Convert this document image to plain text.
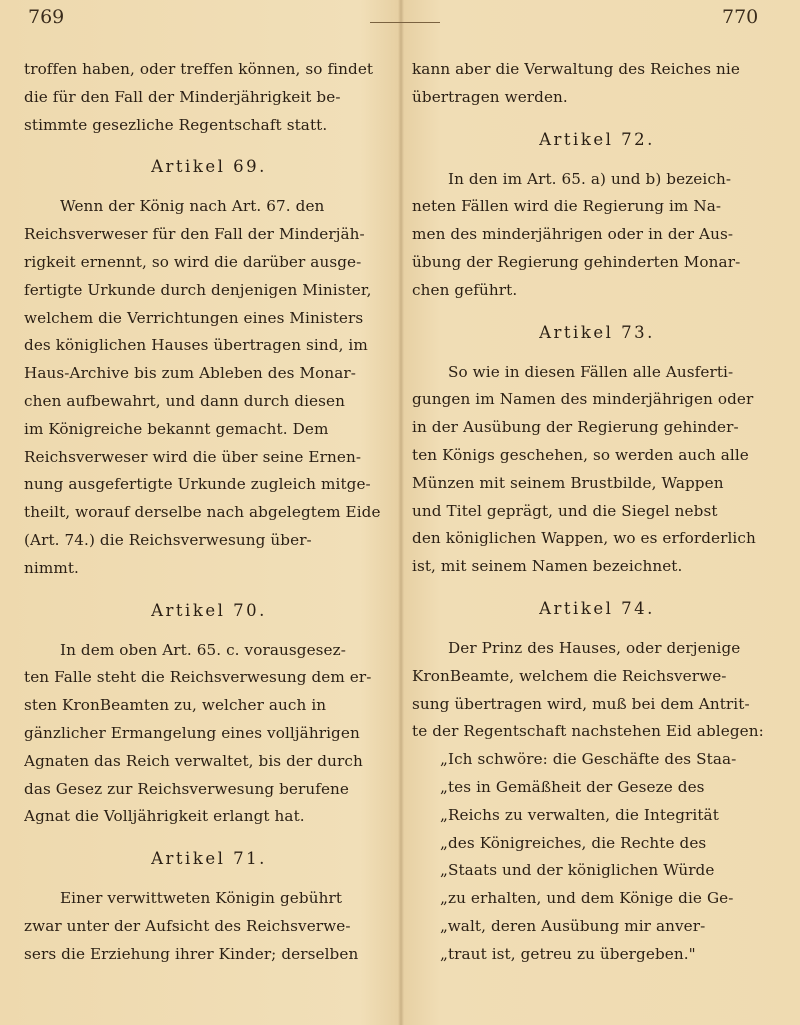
769	770
troffen haben, oder treffen können, so findet
die für den Fall der Minderjährigkeit be-
stimmte gesezliche Regentschaft statt.
Artikel 69.
Wenn der König nach Art. 67. den
Reichsverweser für den Fall der Minderjäh-
rigkeit ernennt, so wird die darüber ausge-
fertigte Urkunde durch denjenigen Minister,
welchem die Verrichtungen eines Ministers
des königlichen Hauses übertragen sind, im
Haus-Archive bis zum Ableben des Monar-
chen aufbewahrt, und dann durch diesen
im Königreiche bekannt gemacht. Dem
Reichsverweser wird die über seine Ernen-
nung ausgefertigte Urkunde zugleich mitge-
theilt, worauf derselbe nach abgelegtem Eide
(Art. 74.) die Reichsverwesung über-
nimmt.
Artikel 70.
In dem oben Art. 65. c. vorausgesez-
ten Falle steht die Reichsverwesung dem er-
sten KronBeamten zu, welcher auch in
gänzlicher Ermangelung eines volljährigen
Agnaten das Reich verwaltet, bis der durch
das Gesez zur Reichsverwesung berufene
Agnat die Volljährigkeit erlangt hat.
Artikel 71.
Einer verwittweten Königin gebührt
zwar unter der Aufsicht des Reichsverwe-
sers die Erziehung ihrer Kinder; derselben
kann aber die Verwaltung des Reiches nie
übertragen werden.
Artikel 72.
In den im Art. 65. a) und b) bezeich-
neten Fällen wird die Regierung im Na-
men des minderjährigen oder in der Aus-
übung der Regierung gehinderten Monar-
chen geführt.
Artikel 73.
So wie in diesen Fällen alle Ausferti-
gungen im Namen des minderjährigen oder
in der Ausübung der Regierung gehinder-
ten Königs geschehen, so werden auch alle
Münzen mit seinem Brustbilde, Wappen
und Titel geprägt, und die Siegel nebst
den königlichen Wappen, wo es erforderlich
ist, mit seinem Namen bezeichnet.
Artikel 74.
Der Prinz des Hauses, oder derjenige
KronBeamte, welchem die Reichsverwe-
sung übertragen wird, muß bei dem Antrit-
te der Regentschaft nachstehen Eid ablegen:
„Ich schwöre: die Geschäfte des Staa-
„tes in Gemäßheit der Geseze des
„Reichs zu verwalten, die Integrität
„des Königreiches, die Rechte des
„Staats und der königlichen Würde
„zu erhalten, und dem Könige die Ge-
„walt, deren Ausübung mir anver-
„traut ist, getreu zu übergeben."
